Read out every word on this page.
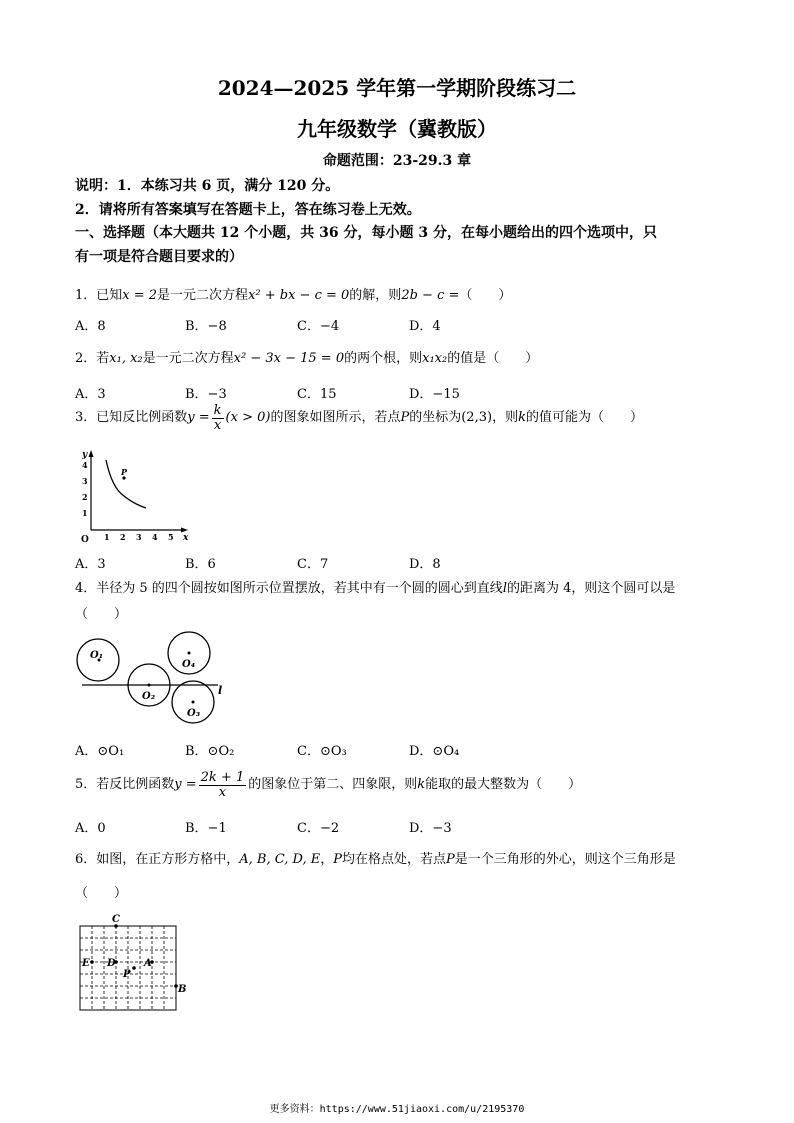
2024—2025 学年第一学期阶段练习二
九年级数学（冀教版）
命题范围：23-29.3 章
说明：1．本练习共 6 页，满分 120 分。
2．请将所有答案填写在答题卡上，答在练习卷上无效。
一、选择题（本大题共 12 个小题，共 36 分，每小题 3 分，在每小题给出的四个选项中，只
有一项是符合题目要求的）
1．已知x = 2是一元二次方程x² + bx − c = 0的解，则2b − c =（　　）
A．8	B．−8	C．−4	D．4
2．若x₁, x₂是一元二次方程x² − 3x − 15 = 0的两个根，则x₁x₂的值是（　　）
A．3	B．−3	C．15	D．−15
3．已知反比例函数$y = \frac{k}{x} (x > 0)$的图象如图所示，若点P的坐标为(2,3)，则k的值可能为（　　）
y
x
O
1
2
3
4
1 2 3 4 5
P
A．3	B．6	C．7	D．8
4．半径为 5 的四个圆按如图所示位置摆放，若其中有一个圆的圆心到直线l的距离为 4，则这个圆可以是
（　　）
O₁
O₂
O₃
O₄
l
A．⊙O₁	B．⊙O₂	C．⊙O₃	D．⊙O₄
5．若反比例函数$y = \frac{2k + 1}{x}$ 的图象位于第二、四象限，则k能取的最大整数为（　　）
A．0	B．−1	C．−2	D．−3
6．如图，在正方形方格中，A, B, C, D, E，P均在格点处，若点P是一个三角形的外心，则这个三角形是
（　　）
C
E D	A
P
B
更多资料：https://www.51jiaoxi.com/u/2195370
